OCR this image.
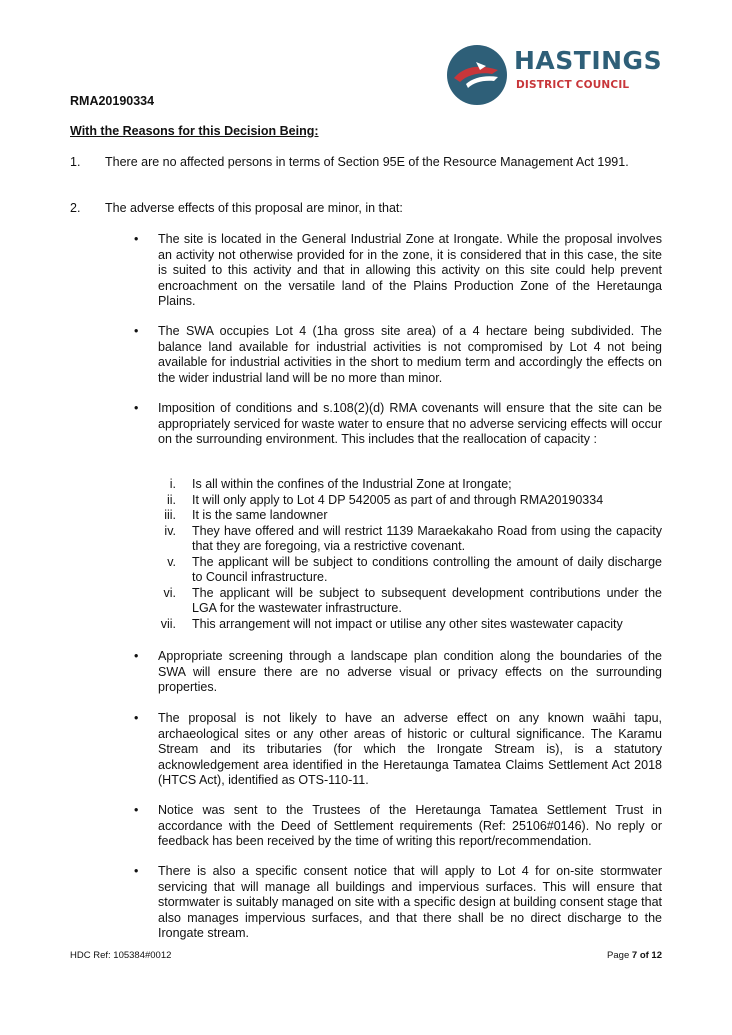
HASTINGS
DISTRICT COUNCIL
RMA20190334
With the Reasons for this Decision Being:
1. There are no affected persons in terms of Section 95E of the Resource Management Act 1991.
2. The adverse effects of this proposal are minor, in that:
• The site is located in the General Industrial Zone at Irongate. While the proposal involves an activity not otherwise provided for in the zone, it is considered that in this case, the site is suited to this activity and that in allowing this activity on this site could help prevent encroachment on the versatile land of the Plains Production Zone of the Heretaunga Plains.
• The SWA occupies Lot 4 (1ha gross site area) of a 4 hectare being subdivided. The balance land available for industrial activities is not compromised by Lot 4 not being available for industrial activities in the short to medium term and accordingly the effects on the wider industrial land will be no more than minor.
• Imposition of conditions and s.108(2)(d) RMA covenants will ensure that the site can be appropriately serviced for waste water to ensure that no adverse servicing effects will occur on the surrounding environment. This includes that the reallocation of capacity :
i. Is all within the confines of the Industrial Zone at Irongate;
ii. It will only apply to Lot 4 DP 542005 as part of and through RMA20190334
iii. It is the same landowner
iv. They have offered and will restrict 1139 Maraekakaho Road from using the capacity that they are foregoing, via a restrictive covenant.
v. The applicant will be subject to conditions controlling the amount of daily discharge to Council infrastructure.
vi. The applicant will be subject to subsequent development contributions under the LGA for the wastewater infrastructure.
vii. This arrangement will not impact or utilise any other sites wastewater capacity
• Appropriate screening through a landscape plan condition along the boundaries of the SWA will ensure there are no adverse visual or privacy effects on the surrounding properties.
• The proposal is not likely to have an adverse effect on any known waāhi tapu, archaeological sites or any other areas of historic or cultural significance. The Karamu Stream and its tributaries (for which the Irongate Stream is), is a statutory acknowledgement area identified in the Heretaunga Tamatea Claims Settlement Act 2018 (HTCS Act), identified as OTS-110-11.
• Notice was sent to the Trustees of the Heretaunga Tamatea Settlement Trust in accordance with the Deed of Settlement requirements (Ref: 25106#0146). No reply or feedback has been received by the time of writing this report/recommendation.
• There is also a specific consent notice that will apply to Lot 4 for on-site stormwater servicing that will manage all buildings and impervious surfaces. This will ensure that stormwater is suitably managed on site with a specific design at building consent stage that also manages impervious surfaces, and that there shall be no direct discharge to the Irongate stream.
HDC Ref: 105384#0012	Page 7 of 12
